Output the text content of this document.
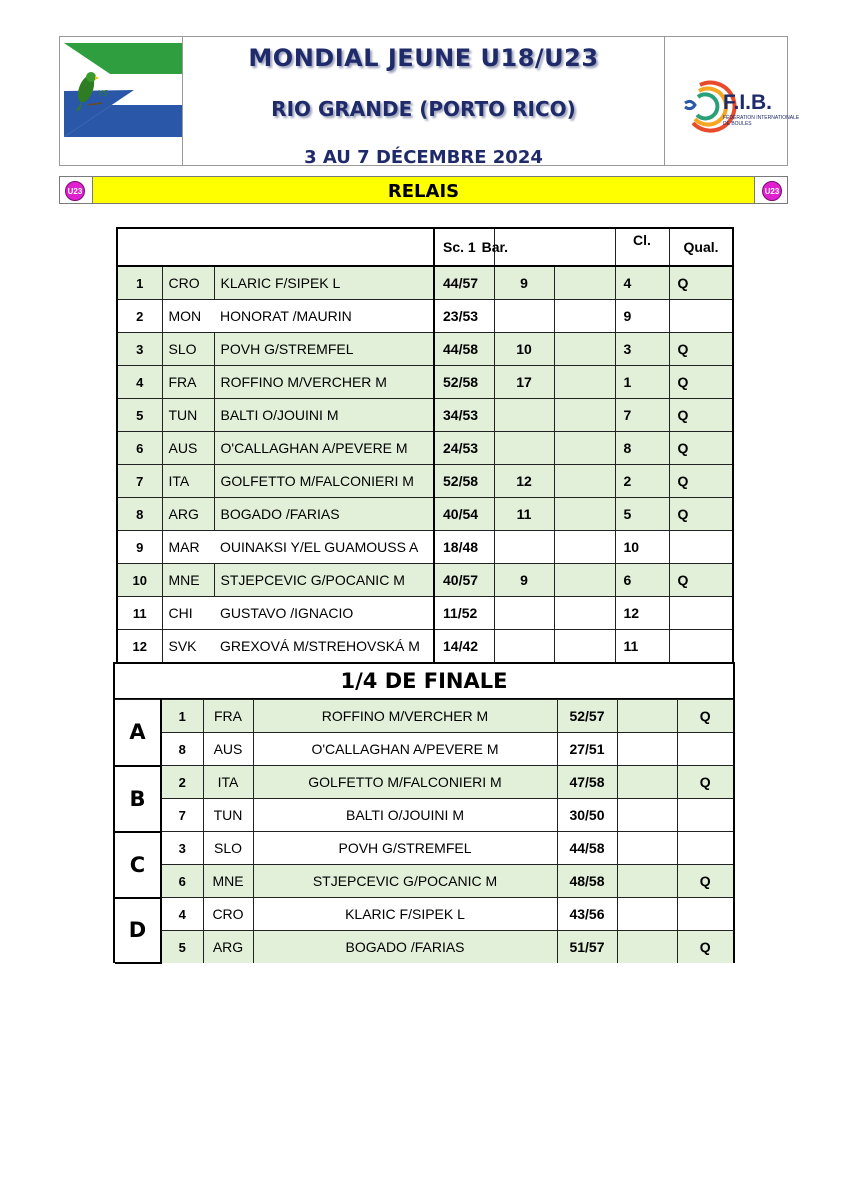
YS
MONDIAL JEUNE U18/U23
RIO GRANDE (PORTO RICO)
3 AU 7 DÉCEMBRE 2024
F.I.B.
FÉDÉRATION INTERNATIONALE
DE BOULES
U23	RELAIS	U23
			Sc. 1 Bar.			Cl.	Qual.
1	CRO	KLARIC F/SIPEK L	44/57	9		4	Q
2	MON	HONORAT /MAURIN	23/53			9	
3	SLO	POVH G/STREMFEL	44/58	10		3	Q
4	FRA	ROFFINO M/VERCHER M	52/58	17		1	Q
5	TUN	BALTI O/JOUINI M	34/53			7	Q
6	AUS	O'CALLAGHAN A/PEVERE M	24/53			8	Q
7	ITA	GOLFETTO M/FALCONIERI M	52/58	12		2	Q
8	ARG	BOGADO /FARIAS	40/54	11		5	Q
9	MAR	OUINAKSI Y/EL GUAMOUSS A	18/48			10	
10	MNE	STJEPCEVIC G/POCANIC M	40/57	9		6	Q
11	CHI	GUSTAVO /IGNACIO	11/52			12	
12	SVK	GREXOVÁ M/STREHOVSKÁ M	14/42			11	
1/4 DE FINALE
A	1	FRA	ROFFINO M/VERCHER M	52/57		Q
	8	AUS	O'CALLAGHAN A/PEVERE M	27/51		
B	2	ITA	GOLFETTO M/FALCONIERI M	47/58		Q
	7	TUN	BALTI O/JOUINI M	30/50		
C	3	SLO	POVH G/STREMFEL	44/58		
	6	MNE	STJEPCEVIC G/POCANIC M	48/58		Q
D	4	CRO	KLARIC F/SIPEK L	43/56		
	5	ARG	BOGADO /FARIAS	51/57		Q
